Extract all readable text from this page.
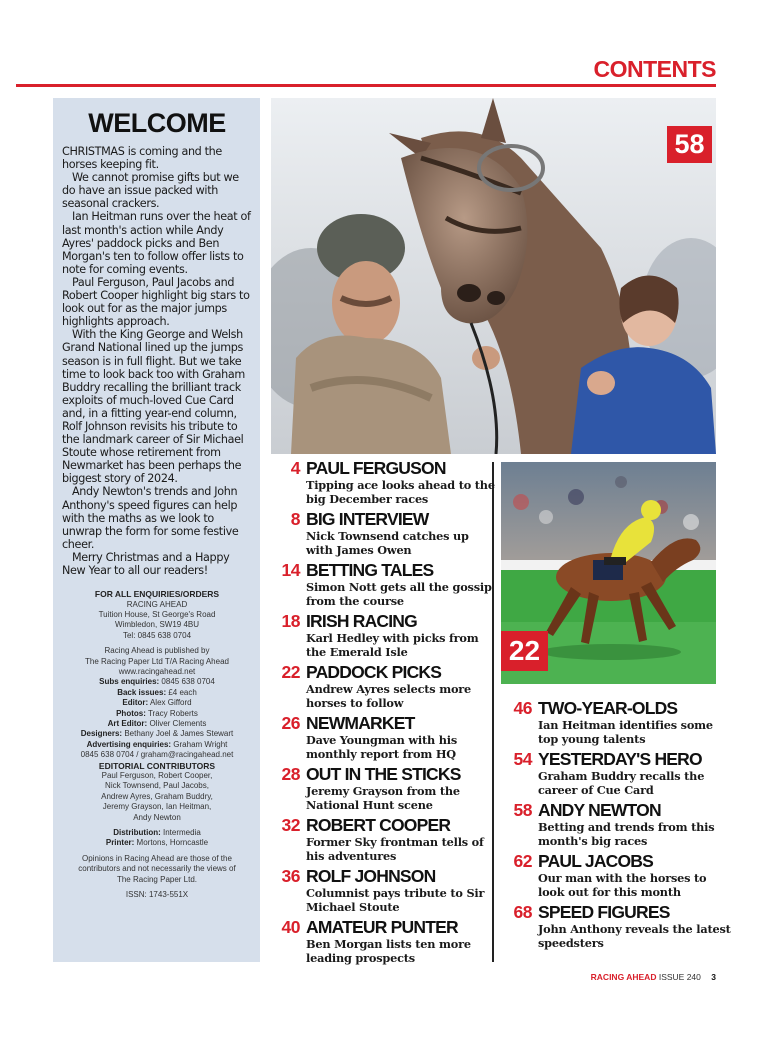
CONTENTS
WELCOME

CHRISTMAS is coming and the horses keeping fit.

We cannot promise gifts but we do have an issue packed with seasonal crackers.

Ian Heitman runs over the heat of last month's action while Andy Ayres' paddock picks and Ben Morgan's ten to follow offer lists to note for coming events.

Paul Ferguson, Paul Jacobs and Robert Cooper highlight big stars to look out for as the major jumps highlights approach.

With the King George and Welsh Grand National lined up the jumps season is in full flight. But we take time to look back too with Graham Buddry recalling the brilliant track exploits of much-loved Cue Card and, in a fitting year-end column, Rolf Johnson revisits his tribute to the landmark career of Sir Michael Stoute whose retirement from Newmarket has been perhaps the biggest story of 2024.

Andy Newton's trends and John Anthony's speed figures can help with the maths as we look to unwrap the form for some festive cheer.

Merry Christmas and a Happy New Year to all our readers!

FOR ALL ENQUIRIES/ORDERS
RACING AHEAD
Tuition House, St George's Road
Wimbledon, SW19 4BU
Tel: 0845 638 0704
Racing Ahead is published by
The Racing Paper Ltd T/A Racing Ahead
www.racingahead.net
Subs enquiries: 0845 638 0704
Back issues: £4 each
Editor: Alex Gifford
Photos: Tracy Roberts
Art Editor: Oliver Clements
Designers: Bethany Joel & James Stewart
Advertising enquiries: Graham Wright
0845 638 0704 / graham@racingahead.net
EDITORIAL CONTRIBUTORS
Paul Ferguson, Robert Cooper,
Nick Townsend, Paul Jacobs,
Andrew Ayres, Graham Buddry,
Jeremy Grayson, Ian Heitman,
Andy Newton
Distribution: Intermedia
Printer: Mortons, Horncastle
Opinions in Racing Ahead are those of the
contributors and not necessarily the views of
The Racing Paper Ltd.
ISSN: 1743-551X
58
22
4 PAUL FERGUSON
Tipping ace looks ahead to the big December races
8 BIG INTERVIEW
Nick Townsend catches up with James Owen
14 BETTING TALES
Simon Nott gets all the gossip from the course
18 IRISH RACING
Karl Hedley with picks from the Emerald Isle
22 PADDOCK PICKS
Andrew Ayres selects more horses to follow
26 NEWMARKET
Dave Youngman with his monthly report from HQ
28 OUT IN THE STICKS
Jeremy Grayson from the National Hunt scene
32 ROBERT COOPER
Former Sky frontman tells of his adventures
36 ROLF JOHNSON
Columnist pays tribute to Sir Michael Stoute
40 AMATEUR PUNTER
Ben Morgan lists ten more leading prospects
46 TWO-YEAR-OLDS
Ian Heitman identifies some top young talents
54 YESTERDAY'S HERO
Graham Buddry recalls the career of Cue Card
58 ANDY NEWTON
Betting and trends from this month's big races
62 PAUL JACOBS
Our man with the horses to look out for this month
68 SPEED FIGURES
John Anthony reveals the latest speedsters
RACING AHEAD ISSUE 240 3
